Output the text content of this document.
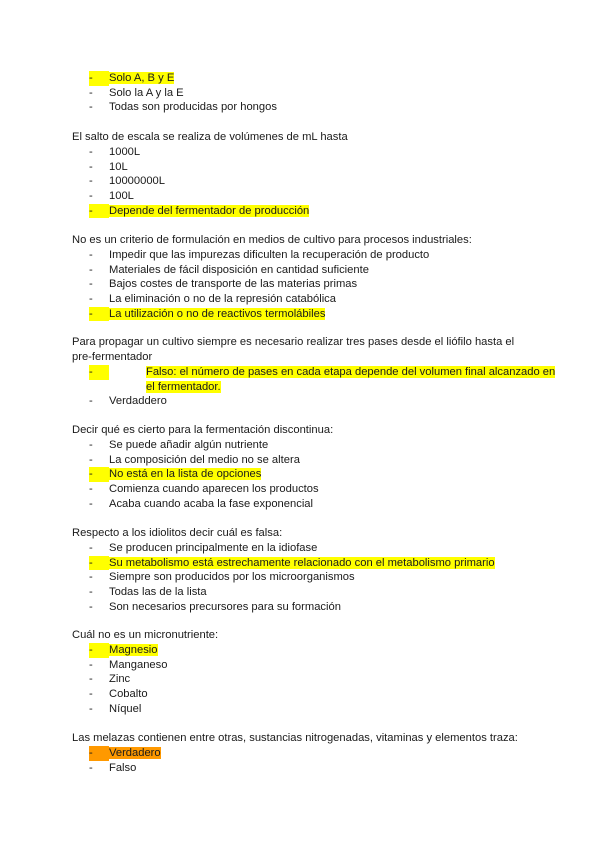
-	Solo A, B y E
-	Solo la A y la E
-	Todas son producidas por hongos

El salto de escala se realiza de volúmenes de mL hasta

-	1000L
-	10L
-	10000000L
-	100L
-	Depende del fermentador de producción

No es un criterio de formulación en medios de cultivo para procesos industriales:

-	Impedir que las impurezas dificulten la recuperación de producto
-	Materiales de fácil disposición en cantidad suficiente
-	Bajos costes de transporte de las materias primas
-	La eliminación o no de la represión catabólica
-	La utilización o no de reactivos termolábiles

Para propagar un cultivo siempre es necesario realizar tres pases desde el liófilo hasta el pre-fermentador

-	Falso: el número de pases en cada etapa depende del volumen final alcanzado en el fermentador.
-	Verdaddero

Decir qué es cierto para la fermentación discontinua:

-	Se puede añadir algún nutriente
-	La composición del medio no se altera
-	No está en la lista de opciones
-	Comienza cuando aparecen los productos
-	Acaba cuando acaba la fase exponencial

Respecto a los idiolitos decir cuál es falsa:

-	Se producen principalmente en la idiofase
-	Su metabolismo está estrechamente relacionado con el metabolismo primario
-	Siempre son producidos por los microorganismos
-	Todas las de la lista
-	Son necesarios precursores para su formación

Cuál no es un micronutriente:

-	Magnesio
-	Manganeso
-	Zinc
-	Cobalto
-	Níquel

Las melazas contienen entre otras, sustancias nitrogenadas, vitaminas y elementos traza:

-	Verdadero
-	Falso
